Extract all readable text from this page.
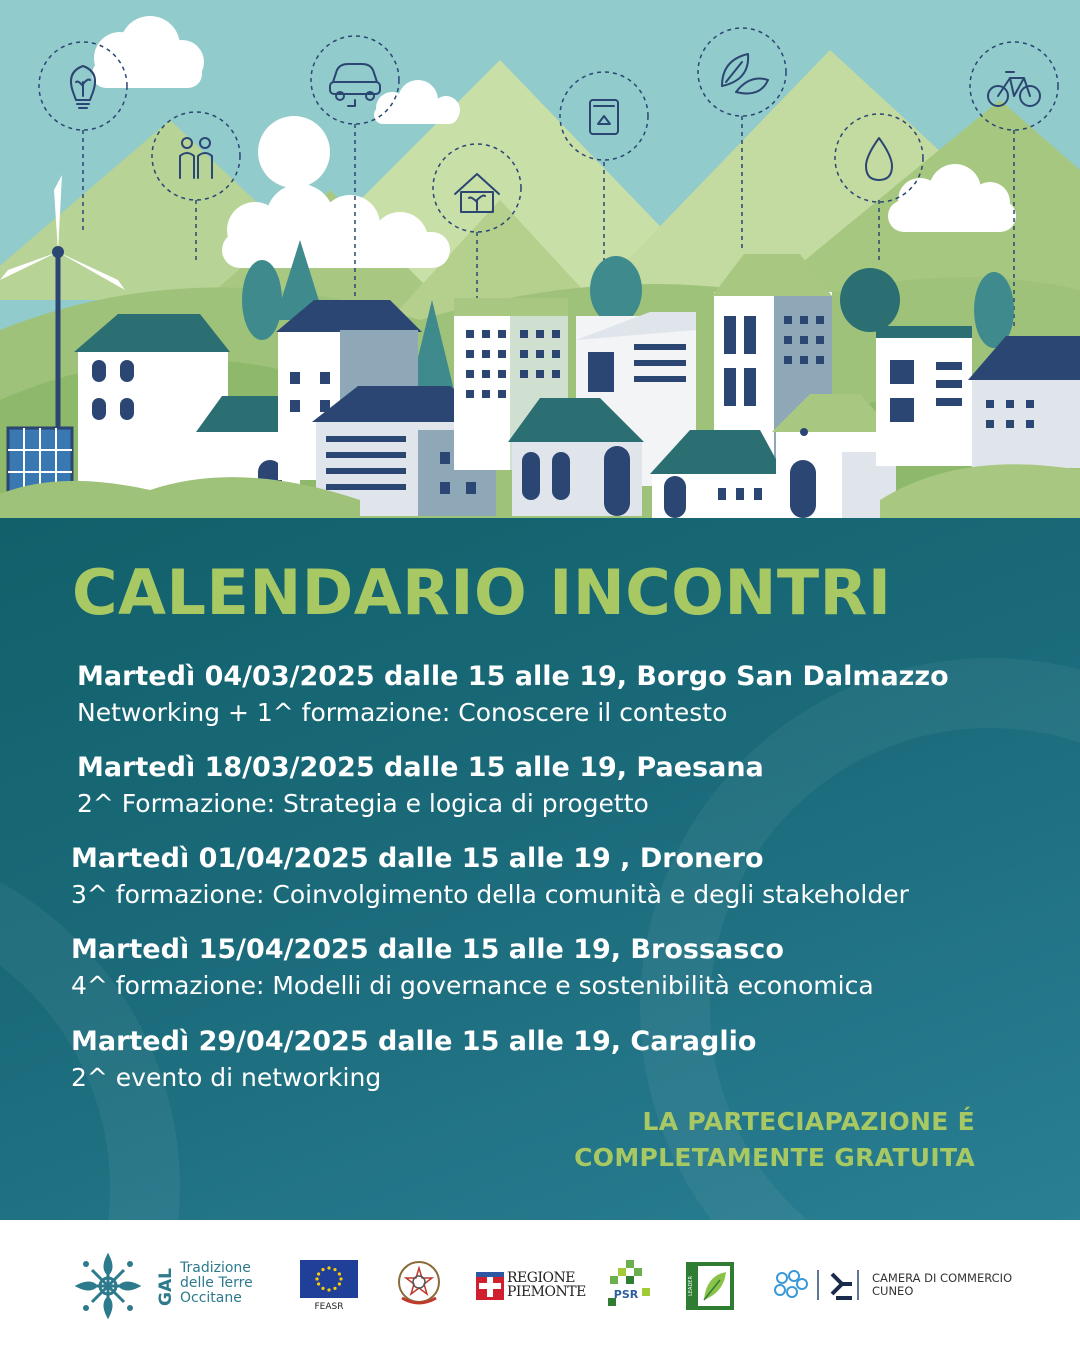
CALENDARIO INCONTRI
Martedì 04/03/2025 dalle 15 alle 19, Borgo San Dalmazzo
Networking + 1^ formazione: Conoscere il contesto
Martedì 18/03/2025 dalle 15 alle 19, Paesana
2^ Formazione: Strategia e logica di progetto
Martedì 01/04/2025 dalle 15 alle 19 , Dronero
3^ formazione: Coinvolgimento della comunità e degli stakeholder
Martedì 15/04/2025 dalle 15 alle 19, Brossasco
4^ formazione: Modelli di governance e sostenibilità economica
Martedì 29/04/2025 dalle 15 alle 19, Caraglio
2^ evento di networking
LA PARTECIAPAZIONE É
COMPLETAMENTE GRATUITA
GAL
Tradizione
delle Terre
Occitane
FEASR
REGIONE
PIEMONTE	PSR	LEADER	CAMERA DI COMMERCIO
CUNEO
